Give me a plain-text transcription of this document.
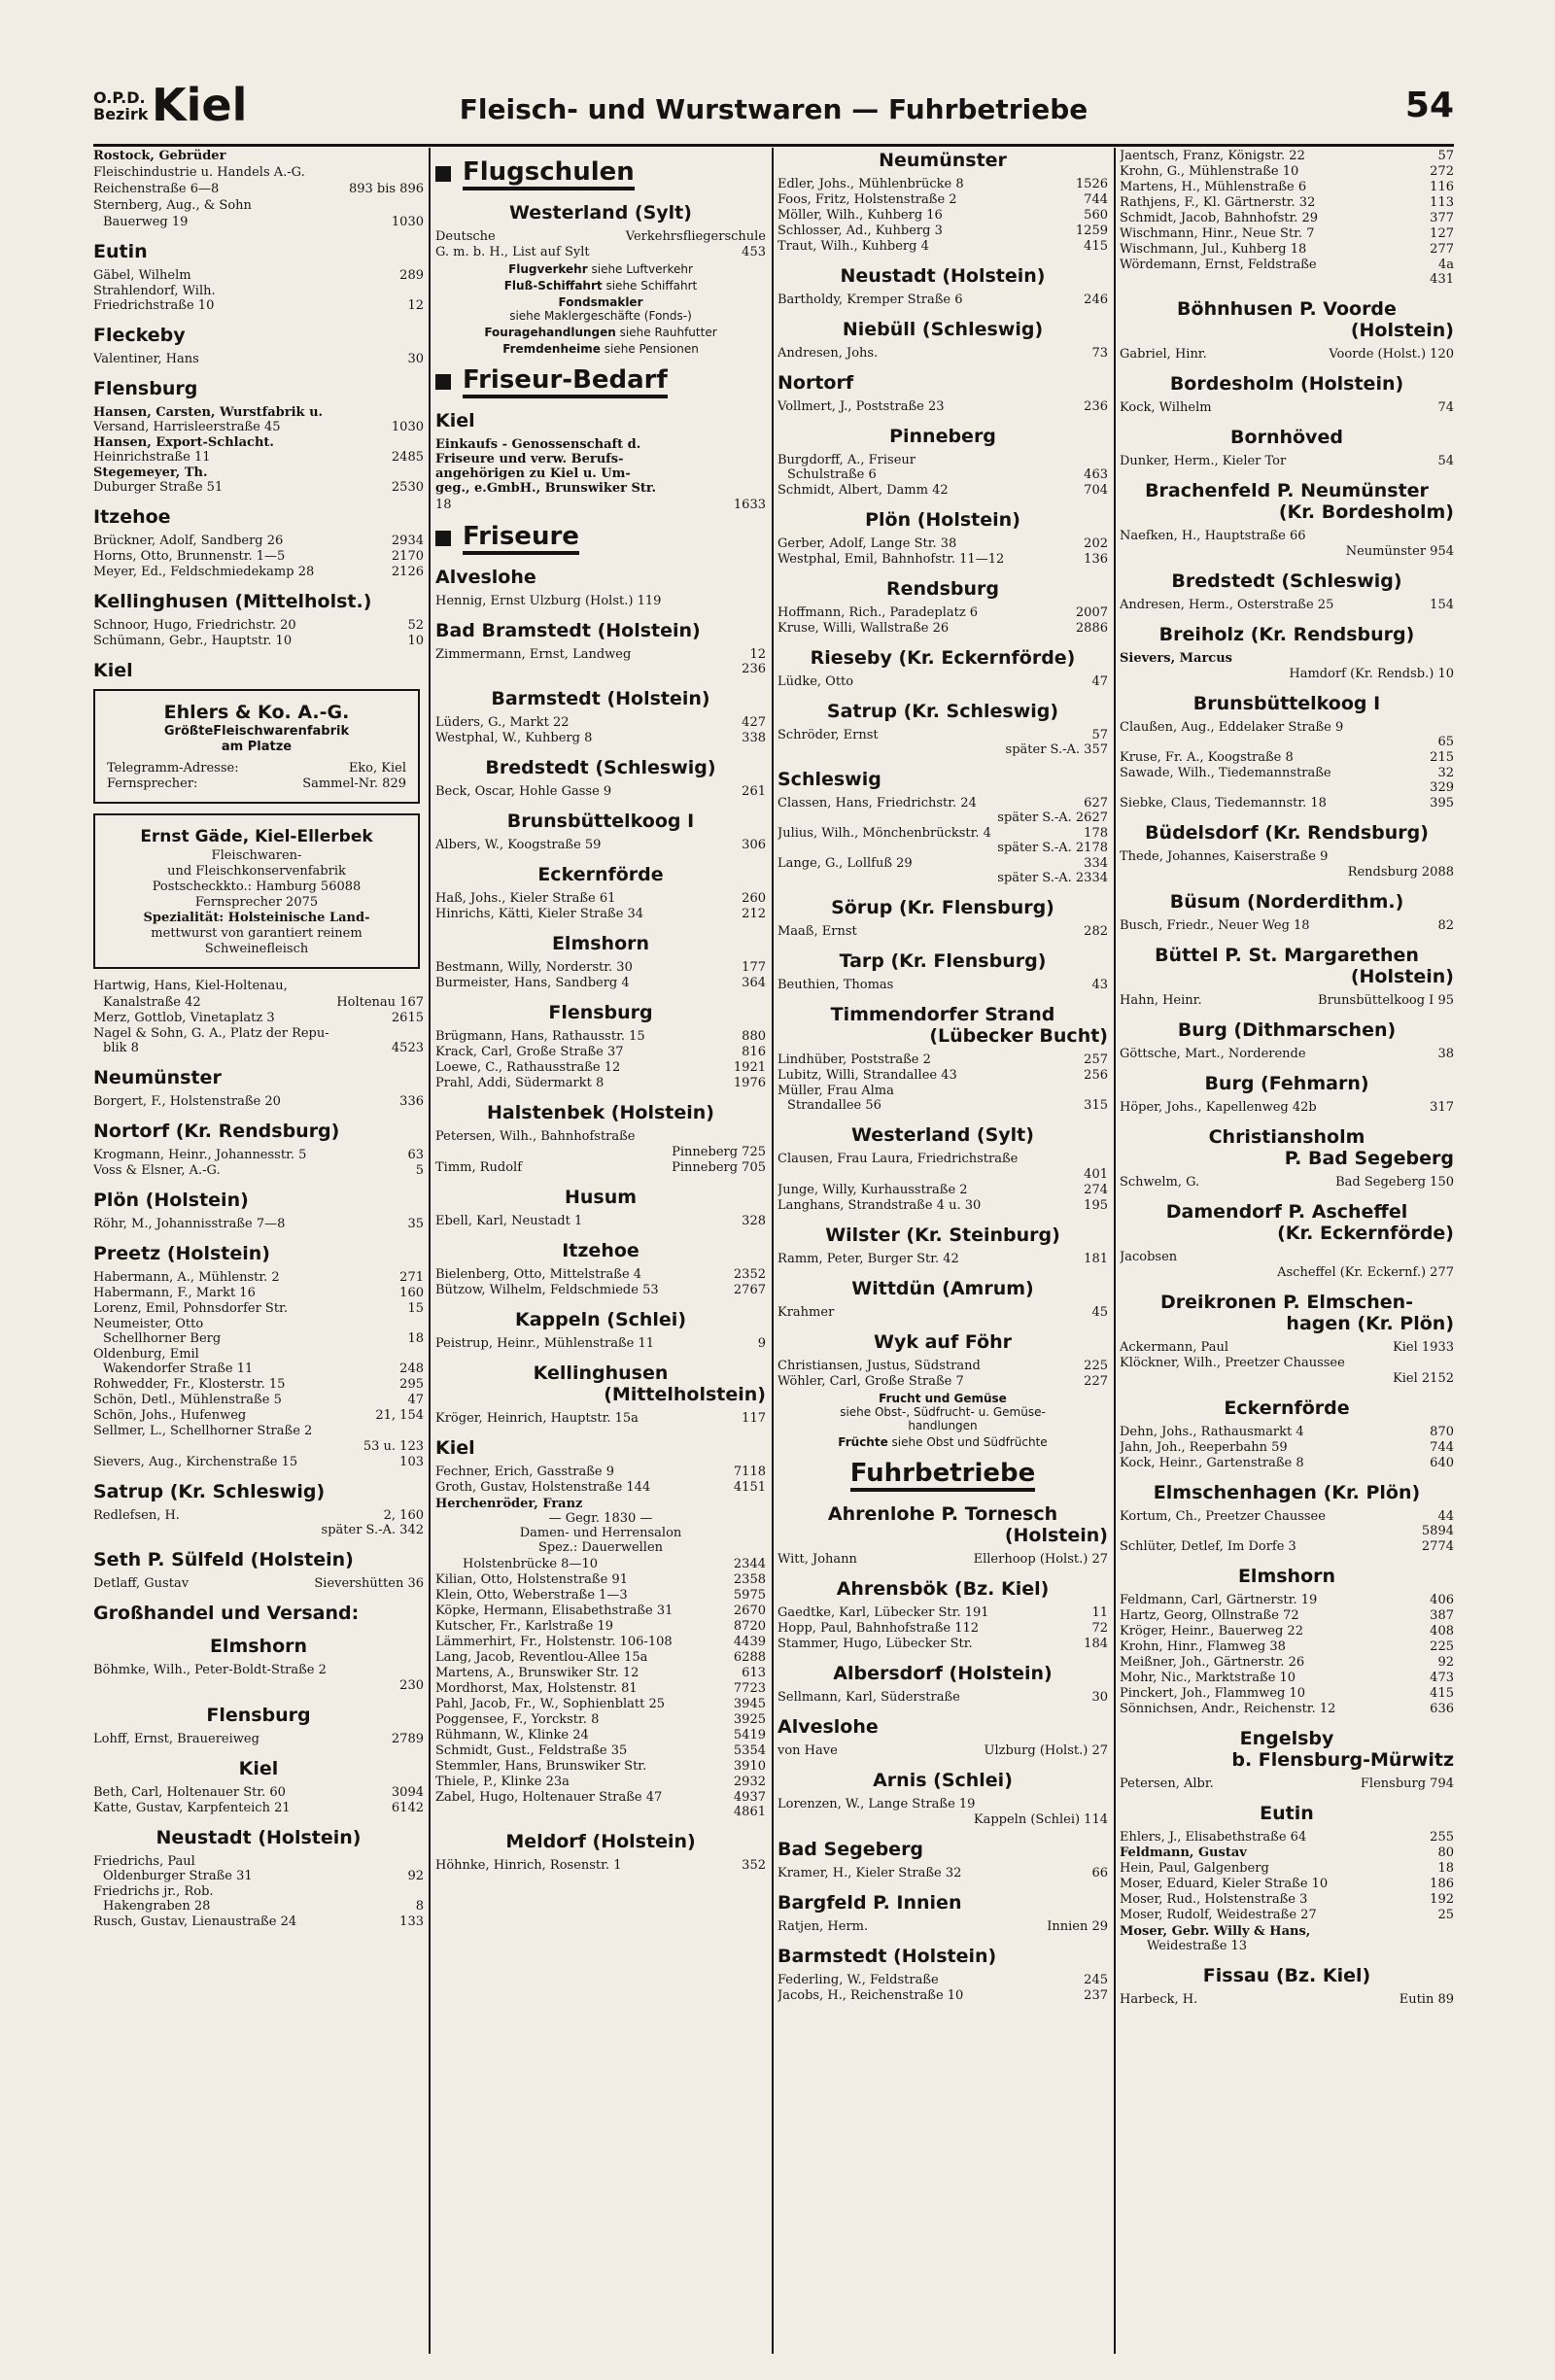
O.P.D.
Bezirk Kiel	Fleisch- und Wurstwaren — Fuhrbetriebe	54
Rostock, Gebrüder
Fleischindustrie u. Handels A.-G.
Reichenstraße 6—8	893 bis 896
Sternberg, Aug., & Sohn
Bauerweg 19	1030
Eutin
Gäbel, Wilhelm	289
Strahlendorf, Wilh.
Friedrichstraße 10
	12
Fleckeby
Valentiner, Hans	30
Flensburg
Hansen, Carsten, Wurstfabrik u.
Versand, Harrisleerstraße 45
	1030
Hansen, Export-Schlacht.
Heinrichstraße 11
	2485
Stegemeyer, Th.
Duburger Straße 51
	2530
Itzehoe
Brückner, Adolf, Sandberg 26	2934
Horns, Otto, Brunnenstr. 1—5	2170
Meyer, Ed., Feldschmiedekamp 28	2126
Kellinghusen (Mittelholst.)
Schnoor, Hugo, Friedrichstr. 20	52
Schümann, Gebr., Hauptstr. 10	10
Kiel
Ehlers & Ko. A.-G.
GrößteFleischwarenfabrik
am Platze
Telegramm-Adresse:	Eko, Kiel
Fernsprecher:	Sammel-Nr. 829
Ernst Gäde, Kiel-Ellerbek
Fleischwaren-
und Fleischkonservenfabrik
Postscheckkto.: Hamburg 56088
Fernsprecher 2075
Spezialität: Holsteinische Land-
mettwurst von garantiert reinem
Schweinefleisch
Hartwig, Hans, Kiel-Holtenau,
Kanalstraße 42	Holtenau 167
Merz, Gottlob, Vinetaplatz 3	2615
Nagel & Sohn, G. A., Platz der Repu-
blik 8
	4523
Neumünster
Borgert, F., Holstenstraße 20	336
Nortorf (Kr. Rendsburg)
Krogmann, Heinr., Johannesstr. 5	63
Voss & Elsner, A.-G.	5
Plön (Holstein)
Röhr, M., Johannisstraße 7—8	35
Preetz (Holstein)
Habermann, A., Mühlenstr. 2	271
Habermann, F., Markt 16	160
Lorenz, Emil, Pohnsdorfer Str.	15
Neumeister, Otto
Schellhorner Berg
	18
Oldenburg, Emil
Wakendorfer Straße 11
	248
Rohwedder, Fr., Klosterstr. 15	295
Schön, Detl., Mühlenstraße 5	47
Schön, Johs., Hufenweg	21, 154
Sellmer, L., Schellhorner Straße 2
53 u. 123
Sievers, Aug., Kirchenstraße 15	103
Satrup (Kr. Schleswig)
Redlefsen, H.	2, 160
später S.-A. 342
Seth P. Sülfeld (Holstein)
Detlaff, Gustav	Sievershütten 36
Großhandel und Versand:
Elmshorn
Böhmke, Wilh., Peter-Boldt-Straße 2
230
Flensburg
Lohff, Ernst, Brauereiweg	2789
Kiel
Beth, Carl, Holtenauer Str. 60	3094
Katte, Gustav, Karpfenteich 21	6142
Neustadt (Holstein)
Friedrichs, Paul
Oldenburger Straße 31
	92
Friedrichs jr., Rob.
Hakengraben 28
	8
Rusch, Gustav, Lienaustraße 24	133
Flugschulen
Westerland (Sylt)
Deutsche	Verkehrsfliegerschule
G. m. b. H., List auf Sylt	453
Flugverkehr siehe Luftverkehr
Fluß-Schiffahrt siehe Schiffahrt
Fondsmakler
siehe Maklergeschäfte (Fonds-)
Fouragehandlungen siehe Rauhfutter
Fremdenheime siehe Pensionen
Friseur-Bedarf
Kiel
Einkaufs - Genossenschaft d.
Friseure und verw. Berufs-
angehörigen zu Kiel u. Um-
geg., e.GmbH., Brunswiker Str.
18	1633
Friseure
Alveslohe
Hennig, Ernst Ulzburg (Holst.) 119
Bad Bramstedt (Holstein)
Zimmermann, Ernst, Landweg	12
236
Barmstedt (Holstein)
Lüders, G., Markt 22	427
Westphal, W., Kuhberg 8	338
Bredstedt (Schleswig)
Beck, Oscar, Hohle Gasse 9	261
Brunsbüttelkoog I
Albers, W., Koogstraße 59	306
Eckernförde
Haß, Johs., Kieler Straße 61	260
Hinrichs, Kätti, Kieler Straße 34	212
Elmshorn
Bestmann, Willy, Norderstr. 30	177
Burmeister, Hans, Sandberg 4	364
Flensburg
Brügmann, Hans, Rathausstr. 15	880
Krack, Carl, Große Straße 37	816
Loewe, C., Rathausstraße 12	1921
Prahl, Addi, Südermarkt 8	1976
Halstenbek (Holstein)
Petersen, Wilh., Bahnhofstraße
Pinneberg 725
Timm, Rudolf	Pinneberg 705
Husum
Ebell, Karl, Neustadt 1	328
Itzehoe
Bielenberg, Otto, Mittelstraße 4	2352
Bützow, Wilhelm, Feldschmiede 53	2767
Kappeln (Schlei)
Peistrup, Heinr., Mühlenstraße 11	9
Kellinghusen
(Mittelholstein)
Kröger, Heinrich, Hauptstr. 15a	117
Kiel
Fechner, Erich, Gasstraße 9	7118
Groth, Gustav, Holstenstraße 144	4151
Herchenröder, Franz
— Gegr. 1830 —
Damen- und Herrensalon
Spez.: Dauerwellen
Holstenbrücke 8—10	2344
Kilian, Otto, Holstenstraße 91	2358
Klein, Otto, Weberstraße 1—3	5975
Köpke, Hermann, Elisabethstraße 31	2670
Kutscher, Fr., Karlstraße 19	8720
Lämmerhirt, Fr., Holstenstr. 106-108	4439
Lang, Jacob, Reventlou-Allee 15a	6288
Martens, A., Brunswiker Str. 12	613
Mordhorst, Max, Holstenstr. 81	7723
Pahl, Jacob, Fr., W., Sophienblatt 25	3945
Poggensee, F., Yorckstr. 8	3925
Rühmann, W., Klinke 24	5419
Schmidt, Gust., Feldstraße 35	5354
Stemmler, Hans, Brunswiker Str.	3910
Thiele, P., Klinke 23a	2932
Zabel, Hugo, Holtenauer Straße 47	4937
4861
Meldorf (Holstein)
Höhnke, Hinrich, Rosenstr. 1	352
Neumünster
Edler, Johs., Mühlenbrücke 8	1526
Foos, Fritz, Holstenstraße 2	744
Möller, Wilh., Kuhberg 16	560
Schlosser, Ad., Kuhberg 3	1259
Traut, Wilh., Kuhberg 4	415
Neustadt (Holstein)
Bartholdy, Kremper Straße 6	246
Niebüll (Schleswig)
Andresen, Johs.	73
Nortorf
Vollmert, J., Poststraße 23	236
Pinneberg
Burgdorff, A., Friseur
Schulstraße 6
	463
Schmidt, Albert, Damm 42	704
Plön (Holstein)
Gerber, Adolf, Lange Str. 38	202
Westphal, Emil, Bahnhofstr. 11—12	136
Rendsburg
Hoffmann, Rich., Paradeplatz 6	2007
Kruse, Willi, Wallstraße 26	2886
Rieseby (Kr. Eckernförde)
Lüdke, Otto	47
Satrup (Kr. Schleswig)
Schröder, Ernst	57
später S.-A. 357
Schleswig
Classen, Hans, Friedrichstr. 24	627
später S.-A. 2627
Julius, Wilh., Mönchenbrückstr. 4	178
später S.-A. 2178
Lange, G., Lollfuß 29	334
später S.-A. 2334
Sörup (Kr. Flensburg)
Maaß, Ernst	282
Tarp (Kr. Flensburg)
Beuthien, Thomas	43
Timmendorfer Strand
(Lübecker Bucht)
Lindhüber, Poststraße 2	257
Lubitz, Willi, Strandallee 43	256
Müller, Frau Alma
Strandallee 56
	315
Westerland (Sylt)
Clausen, Frau Laura, Friedrichstraße
401
Junge, Willy, Kurhausstraße 2	274
Langhans, Strandstraße 4 u. 30	195
Wilster (Kr. Steinburg)
Ramm, Peter, Burger Str. 42	181
Wittdün (Amrum)
Krahmer	45
Wyk auf Föhr
Christiansen, Justus, Südstrand	225
Wöhler, Carl, Große Straße 7	227
Frucht und Gemüse
siehe Obst-, Südfrucht- u. Gemüse-
handlungen
Früchte siehe Obst und Südfrüchte
Fuhrbetriebe
Ahrenlohe P. Tornesch
(Holstein)
Witt, Johann	Ellerhoop (Holst.) 27
Ahrensbök (Bz. Kiel)
Gaedtke, Karl, Lübecker Str. 191	11
Hopp, Paul, Bahnhofstraße 112	72
Stammer, Hugo, Lübecker Str.	184
Albersdorf (Holstein)
Sellmann, Karl, Süderstraße	30
Alveslohe
von Have	Ulzburg (Holst.) 27
Arnis (Schlei)
Lorenzen, W., Lange Straße 19
Kappeln (Schlei) 114
Bad Segeberg
Kramer, H., Kieler Straße 32	66
Bargfeld P. Innien
Ratjen, Herm.	Innien 29
Barmstedt (Holstein)
Federling, W., Feldstraße	245
Jacobs, H., Reichenstraße 10	237
Jaentsch, Franz, Königstr. 22	57
Krohn, G., Mühlenstraße 10	272
Martens, H., Mühlenstraße 6	116
Rathjens, F., Kl. Gärtnerstr. 32	113
Schmidt, Jacob, Bahnhofstr. 29	377
Wischmann, Hinr., Neue Str. 7	127
Wischmann, Jul., Kuhberg 18	277
Wördemann, Ernst, Feldstraße	4a
431
Böhnhusen P. Voorde
(Holstein)
Gabriel, Hinr.	Voorde (Holst.) 120
Bordesholm (Holstein)
Kock, Wilhelm	74
Bornhöved
Dunker, Herm., Kieler Tor	54
Brachenfeld P. Neumünster
(Kr. Bordesholm)
Naefken, H., Hauptstraße 66
Neumünster 954
Bredstedt (Schleswig)
Andresen, Herm., Osterstraße 25	154
Breiholz (Kr. Rendsburg)
Sievers, Marcus
Hamdorf (Kr. Rendsb.) 10
Brunsbüttelkoog I
Claußen, Aug., Eddelaker Straße 9

65
Kruse, Fr. A., Koogstraße 8	215
Sawade, Wilh., Tiedemannstraße	32
329
Siebke, Claus, Tiedemannstr. 18	395
Büdelsdorf (Kr. Rendsburg)
Thede, Johannes, Kaiserstraße 9
Rendsburg 2088
Büsum (Norderdithm.)
Busch, Friedr., Neuer Weg 18	82
Büttel P. St. Margarethen
(Holstein)
Hahn, Heinr.	Brunsbüttelkoog I 95
Burg (Dithmarschen)
Göttsche, Mart., Norderende	38
Burg (Fehmarn)
Höper, Johs., Kapellenweg 42b	317
Christiansholm
P. Bad Segeberg
Schwelm, G.	Bad Segeberg 150
Damendorf P. Ascheffel
(Kr. Eckernförde)
Jacobsen
Ascheffel (Kr. Eckernf.) 277
Dreikronen P. Elmschen-
hagen (Kr. Plön)
Ackermann, Paul	Kiel 1933
Klöckner, Wilh., Preetzer Chaussee
Kiel 2152
Eckernförde
Dehn, Johs., Rathausmarkt 4	870
Jahn, Joh., Reeperbahn 59	744
Kock, Heinr., Gartenstraße 8	640
Elmschenhagen (Kr. Plön)
Kortum, Ch., Preetzer Chaussee	44
5894
Schlüter, Detlef, Im Dorfe 3	2774
Elmshorn
Feldmann, Carl, Gärtnerstr. 19	406
Hartz, Georg, Ollnstraße 72	387
Kröger, Heinr., Bauerweg 22	408
Krohn, Hinr., Flamweg 38	225
Meißner, Joh., Gärtnerstr. 26	92
Mohr, Nic., Marktstraße 10	473
Pinckert, Joh., Flammweg 10	415
Sönnichsen, Andr., Reichenstr. 12	636
Engelsby
b. Flensburg-Mürwitz
Petersen, Albr.	Flensburg 794
Eutin
Ehlers, J., Elisabethstraße 64	255
Feldmann, Gustav	80
Hein, Paul, Galgenberg	18
Moser, Eduard, Kieler Straße 10	186
Moser, Rud., Holstenstraße 3	192
Moser, Rudolf, Weidestraße 27	25
Moser, Gebr. Willy & Hans,
Weidestraße 13
Fissau (Bz. Kiel)
Harbeck, H.	Eutin 89
